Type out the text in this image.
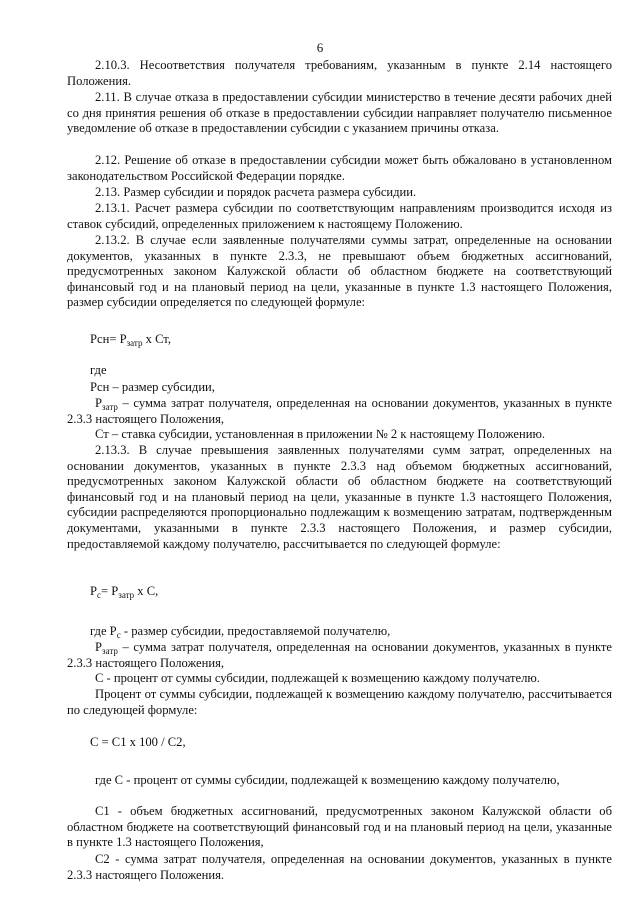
6

2.10.3. Несоответствия получателя требованиям, указанным в пункте 2.14 настоящего Положения.

2.11. В случае отказа в предоставлении субсидии министерство в течение десяти рабочих дней со дня принятия решения об отказе в предоставлении субсидии направляет получателю письменное уведомление об отказе в предоставлении субсидии с указанием причины отказа.

2.12. Решение об отказе в предоставлении субсидии может быть обжаловано в установленном законодательством Российской Федерации порядке.

2.13. Размер субсидии и порядок расчета размера субсидии.

2.13.1. Расчет размера субсидии по соответствующим направлениям производится исходя из ставок субсидий, определенных приложением к настоящему Положению.

2.13.2. В случае если заявленные получателями суммы затрат, определенные на основании документов, указанных в пункте 2.3.3, не превышают объем бюджетных ассигнований, предусмотренных законом Калужской области об областном бюджете на соответствующий финансовый год и на плановый период на цели, указанные в пункте 1.3 настоящего Положения, размер субсидии определяется по следующей формуле:

$Рсн= Р_{затр}$ х Ст,

где

Рсн – размер субсидии,

$Р_{затр}$ – сумма затрат получателя, определенная на основании документов, указанных в пункте 2.3.3 настоящего Положения,

Ст – ставка субсидии, установленная в приложении № 2 к настоящему Положению.

2.13.3. В случае превышения заявленных получателями сумм затрат, определенных на основании документов, указанных в пункте 2.3.3 над объемом бюджетных ассигнований, предусмотренных законом Калужской области об областном бюджете на соответствующий финансовый год и на плановый период на цели, указанные в пункте 1.3 настоящего Положения, субсидии распределяются пропорционально подлежащим к возмещению затратам, подтвержденным документами, указанными в пункте 2.3.3 настоящего Положения, и размер субсидии, предоставляемой каждому получателю, рассчитывается по следующей формуле:

$Р_с= Р_{затр}$ х С,

где $Р_с$ - размер субсидии, предоставляемой получателю,

$Р_{затр}$ – сумма затрат получателя, определенная на основании документов, указанных в пункте 2.3.3 настоящего Положения,

С - процент от суммы субсидии, подлежащей к возмещению каждому получателю.

Процент от суммы субсидии, подлежащей к возмещению каждому получателю, рассчитывается по следующей формуле:

С = С1 х 100 / С2,

где С - процент от суммы субсидии, подлежащей к возмещению каждому получателю,

С1 - объем бюджетных ассигнований, предусмотренных законом Калужской области об областном бюджете на соответствующий финансовый год и на плановый период на цели, указанные в пункте 1.3 настоящего Положения,

С2 - сумма затрат получателя, определенная на основании документов, указанных в пункте 2.3.3 настоящего Положения.
